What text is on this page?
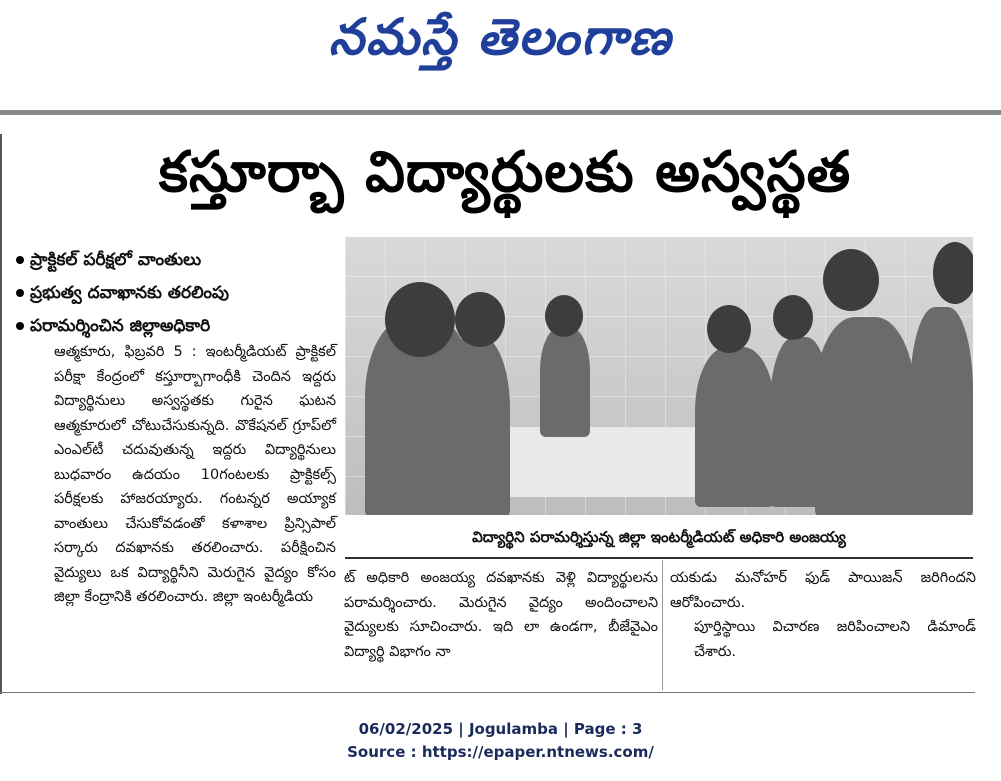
నమస్తే తెలంగాణ
కస్తూర్బా విద్యార్థులకు అస్వస్థత
ప్రాక్టికల్ పరీక్షలో వాంతులు
ప్రభుత్వ దవాఖానకు తరలింపు
పరామర్శించిన జిల్లాఅధికారి

ఆత్మకూరు, ఫిబ్రవరి 5 : ఇంటర్మీడియట్ ప్రాక్టికల్ పరీక్షా కేంద్రంలో కస్తూర్బాగాంధీకి చెందిన ఇద్దరు విద్యార్థినులు అస్వస్థతకు గురైన ఘటన ఆత్మకూరులో చోటుచేసుకున్నది. వొకేషనల్ గ్రూప్‌లో ఎంఎల్‌టీ చదువుతున్న ఇద్దరు విద్యార్థినులు బుధవారం ఉదయం 10గంటలకు ప్రాక్టికల్స్ పరీక్షలకు హాజరయ్యారు. గంటన్నర అయ్యాక వాంతులు చేసుకోవడంతో కళాశాల ప్రిన్సిపాల్ సర్కారు దవఖానకు తరలించారు. పరీక్షించిన వైద్యులు ఒక విద్యార్థినీని మెరుగైన వైద్యం కోసం జిల్లా కేంద్రానికి తరలించారు. జిల్లా ఇంటర్మీడియ

విద్యార్థిని పరామర్శిస్తున్న జిల్లా ఇంటర్మీడియట్ అధికారి అంజయ్య

ట్ అధికారి అంజయ్య దవఖానకు వెళ్లి విద్యార్థులను పరామర్శించారు. మెరుగైన వైద్యం అందించాలని వైద్యులకు సూచించారు. ఇది లా ఉండగా, బీజేవైఎం విద్యార్థి విభాగం నా

యకుడు మనోహర్ ఫుడ్ పాయిజన్ జరిగిందని ఆరోపించారు.

పూర్తిస్థాయి విచారణ జరిపించాలని డిమాండ్ చేశారు.

06/02/2025 | Jogulamba | Page : 3
Source : https://epaper.ntnews.com/
